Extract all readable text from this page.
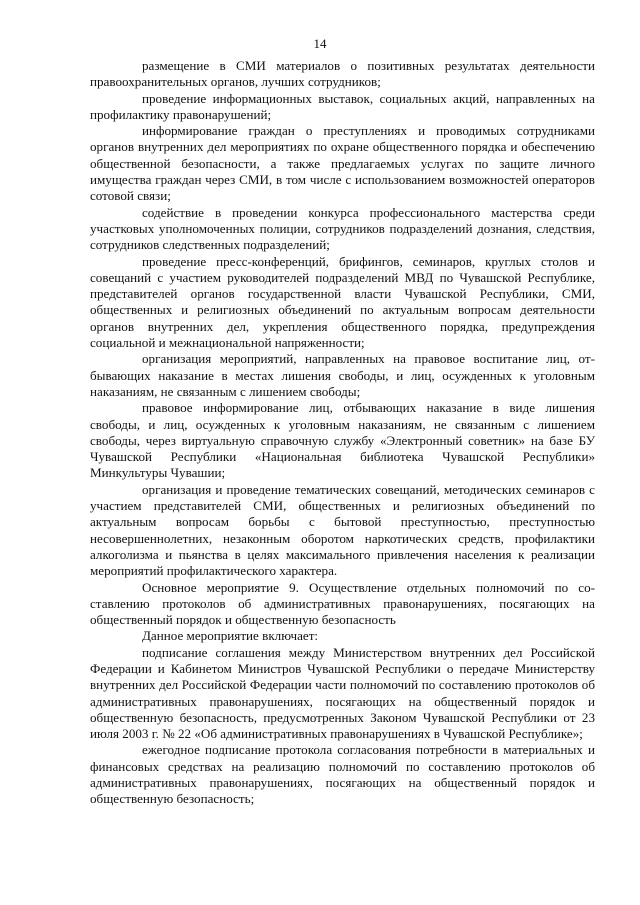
14

размещение в СМИ материалов о позитивных результатах деятельности правоохранительных органов, лучших сотрудников;

проведение информационных выставок, социальных акций, направленных на профилактику правонарушений;

информирование граждан о преступлениях и проводимых сотрудниками органов внутренних дел мероприятиях по охране общественного порядка и обеспечению общественной безопасности, а также предлагаемых услугах по защите личного имущества граждан через СМИ, в том числе с использованием возможностей операторов сотовой связи;

содействие в проведении конкурса профессионального мастерства среди участковых уполномоченных полиции, сотрудников подразделений дознания, следствия, сотрудников следственных подразделений;

проведение пресс-конференций, брифингов, семинаров, круглых столов и совещаний с участием руководителей подразделений МВД по Чувашской Республике, представителей органов государственной власти Чувашской Республики, СМИ, общественных и религиозных объединений по актуальным вопросам деятельности органов внутренних дел, укрепления общественного порядка, предупреждения социальной и межнациональной напряженности;

организация мероприятий, направленных на правовое воспитание лиц, отбывающих наказание в местах лишения свободы, и лиц, осужденных к уголовным наказаниям, не связанным с лишением свободы;

правовое информирование лиц, отбывающих наказание в виде лишения свободы, и лиц, осужденных к уголовным наказаниям, не связанным с лишением свободы, через виртуальную справочную службу «Электронный советник» на базе БУ Чувашской Республики «Национальная библиотека Чувашской Республики» Минкультуры Чувашии;

организация и проведение тематических совещаний, методических семинаров с участием представителей СМИ, общественных и религиозных объединений по актуальным вопросам борьбы с бытовой преступностью, преступностью несовершеннолетних, незаконным оборотом наркотических средств, профилактики алкоголизма и пьянства в целях максимального привлечения населения к реализации мероприятий профилактического характера.

Основное мероприятие 9. Осуществление отдельных полномочий по составлению протоколов об административных правонарушениях, посягающих на общественный порядок и общественную безопасность

Данное мероприятие включает:

подписание соглашения между Министерством внутренних дел Российской Федерации и Кабинетом Министров Чувашской Республики о передаче Министерству внутренних дел Российской Федерации части полномочий по составлению протоколов об административных правонарушениях, посягающих на общественный порядок и общественную безопасность, предусмотренных Законом Чувашской Республики от 23 июля 2003 г. № 22 «Об административных правонарушениях в Чувашской Республике»;

ежегодное подписание протокола согласования потребности в материальных и финансовых средствах на реализацию полномочий по составлению протоколов об административных правонарушениях, посягающих на общественный порядок и общественную безопасность;
